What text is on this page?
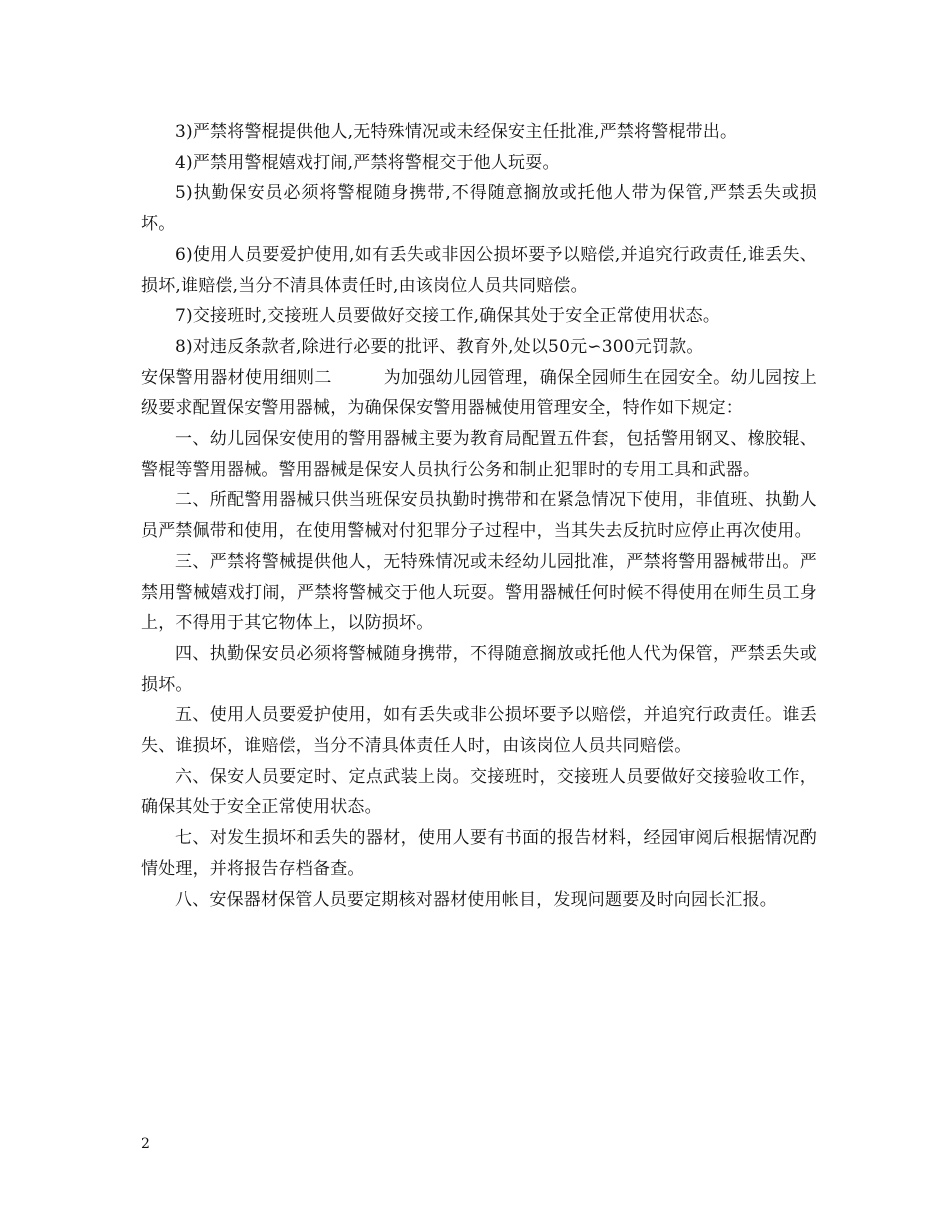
3)严禁将警棍提供他人,无特殊情况或未经保安主任批准,严禁将警棍带出。

4)严禁用警棍嬉戏打闹,严禁将警棍交于他人玩耍。

5)执勤保安员必须将警棍随身携带,不得随意搁放或托他人带为保管,严禁丢失或损坏。

6)使用人员要爱护使用,如有丢失或非因公损坏要予以赔偿,并追究行政责任,谁丢失、损坏,谁赔偿,当分不清具体责任时,由该岗位人员共同赔偿。

7)交接班时,交接班人员要做好交接工作,确保其处于安全正常使用状态。

8)对违反条款者,除进行必要的批评、教育外,处以50元∽300元罚款。

安保警用器材使用细则二　　　为加强幼儿园管理，确保全园师生在园安全。幼儿园按上级要求配置保安警用器械，为确保保安警用器械使用管理安全，特作如下规定：

一、幼儿园保安使用的警用器械主要为教育局配置五件套，包括警用钢叉、橡胶辊、警棍等警用器械。警用器械是保安人员执行公务和制止犯罪时的专用工具和武器。

二、所配警用器械只供当班保安员执勤时携带和在紧急情况下使用，非值班、执勤人员严禁佩带和使用，在使用警械对付犯罪分子过程中，当其失去反抗时应停止再次使用。

三、严禁将警械提供他人，无特殊情况或未经幼儿园批准，严禁将警用器械带出。严禁用警械嬉戏打闹，严禁将警械交于他人玩耍。警用器械任何时候不得使用在师生员工身上，不得用于其它物体上，以防损坏。

四、执勤保安员必须将警械随身携带，不得随意搁放或托他人代为保管，严禁丢失或损坏。

五、使用人员要爱护使用，如有丢失或非公损坏要予以赔偿，并追究行政责任。谁丢失、谁损坏，谁赔偿，当分不清具体责任人时，由该岗位人员共同赔偿。

六、保安人员要定时、定点武装上岗。交接班时，交接班人员要做好交接验收工作，确保其处于安全正常使用状态。

七、对发生损坏和丢失的器材，使用人要有书面的报告材料，经园审阅后根据情况酌情处理，并将报告存档备查。

八、安保器材保管人员要定期核对器材使用帐目，发现问题要及时向园长汇报。

2
